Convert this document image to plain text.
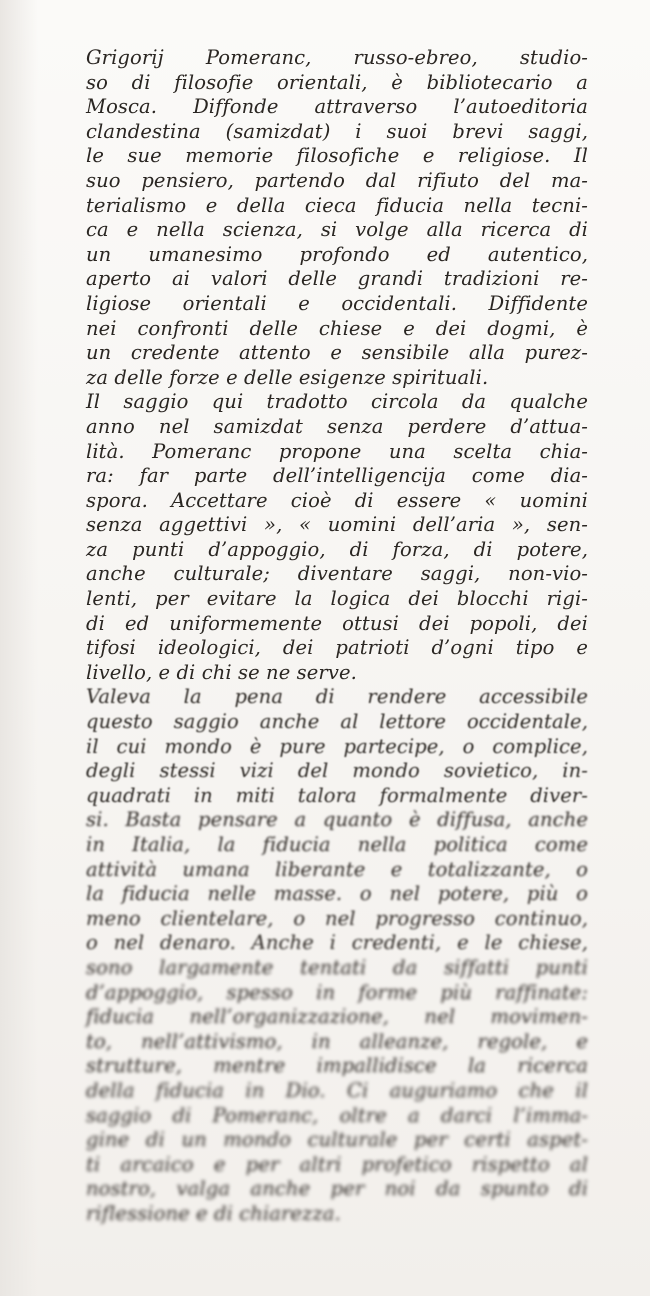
Grigorij Pomeranc, russo-ebreo, studio-
so di filosofie orientali, è bibliotecario a
Mosca. Diffonde attraverso l’autoeditoria
clandestina (samizdat) i suoi brevi saggi,
le sue memorie filosofiche e religiose. Il
suo pensiero, partendo dal rifiuto del ma-
terialismo e della cieca fiducia nella tecni-
ca e nella scienza, si volge alla ricerca di
un umanesimo profondo ed autentico,
aperto ai valori delle grandi tradizioni re-
ligiose orientali e occidentali. Diffidente
nei confronti delle chiese e dei dogmi, è
un credente attento e sensibile alla purez-
za delle forze e delle esigenze spirituali.
Il saggio qui tradotto circola da qualche
anno nel samizdat senza perdere d’attua-
lità. Pomeranc propone una scelta chia-
ra: far parte dell’intelligencija come dia-
spora. Accettare cioè di essere « uomini
senza aggettivi », « uomini dell’aria », sen-
za punti d’appoggio, di forza, di potere,
anche culturale; diventare saggi, non-vio-
lenti, per evitare la logica dei blocchi rigi-
di ed uniformemente ottusi dei popoli, dei
tifosi ideologici, dei patrioti d’ogni tipo e
livello, e di chi se ne serve.
Valeva la pena di rendere accessibile
questo saggio anche al lettore occidentale,
il cui mondo è pure partecipe, o complice,
degli stessi vizi del mondo sovietico, in-
quadrati in miti talora formalmente diver-
si. Basta pensare a quanto è diffusa, anche
in Italia, la fiducia nella politica come
attività umana liberante e totalizzante, o
la fiducia nelle masse. o nel potere, più o
meno clientelare, o nel progresso continuo,
o nel denaro. Anche i credenti, e le chiese,
sono largamente tentati da siffatti punti
d’appoggio, spesso in forme più raffinate:
fiducia nell’organizzazione, nel movimen-
to, nell’attivismo, in alleanze, regole, e
strutture, mentre impallidisce la ricerca
della fiducia in Dio. Ci auguriamo che il
saggio di Pomeranc, oltre a darci l’imma-
gine di un mondo culturale per certi aspet-
ti arcaico e per altri profetico rispetto al
nostro, valga anche per noi da spunto di
riflessione e di chiarezza.
